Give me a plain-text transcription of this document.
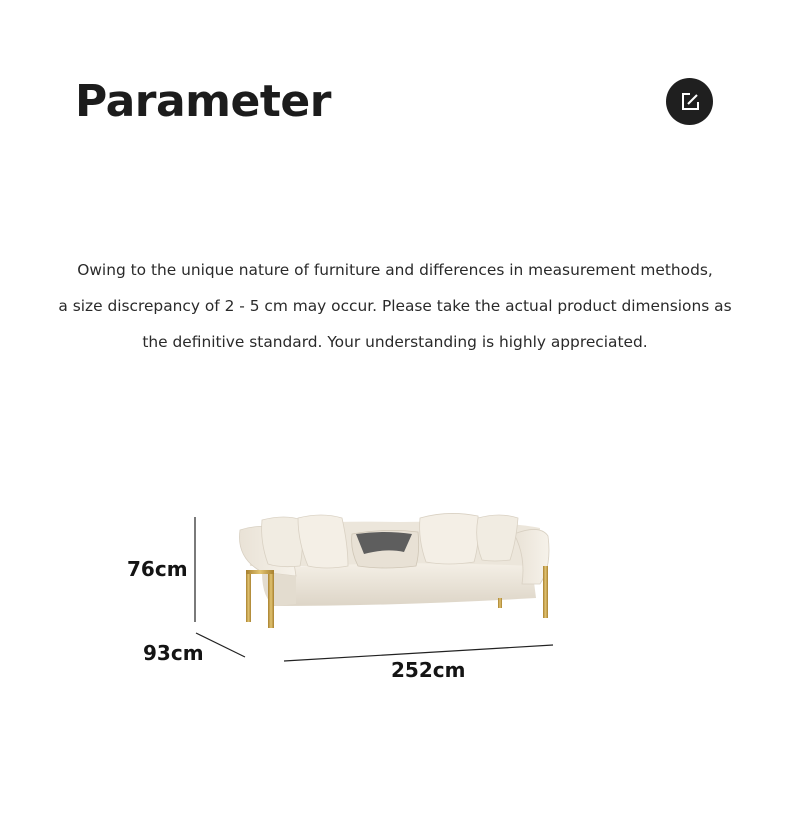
Parameter
Owing to the unique nature of furniture and differences in measurement methods,
a size discrepancy of 2 - 5 cm may occur. Please take the actual product dimensions as
the definitive standard. Your understanding is highly appreciated.
76cm
93cm
252cm
